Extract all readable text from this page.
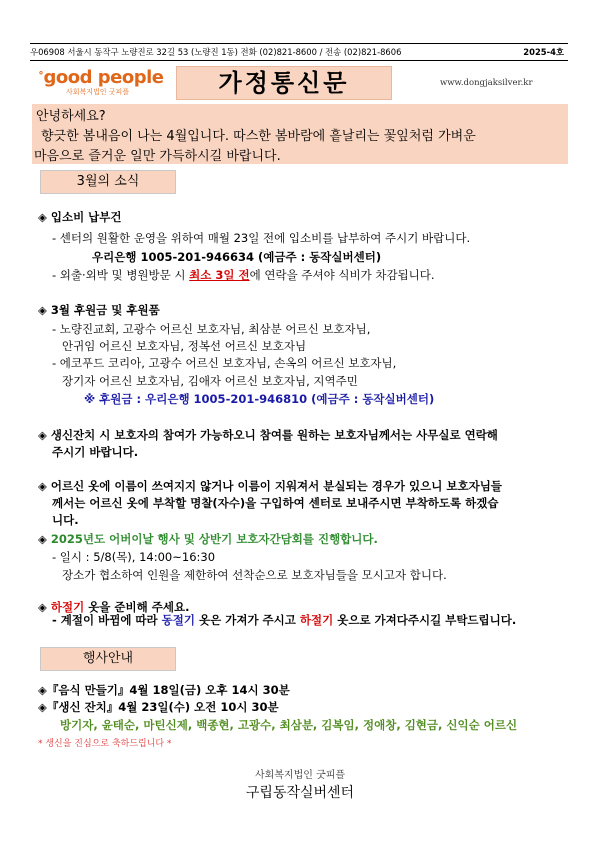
우06908 서울시 동작구 노량진로 32길 53 (노량진 1동) 전화 (02)821-8600 / 전송 (02)821-8606	2025-4호
˚good people
사회복지법인 굿피플	가정통신문	www.dongjaksilver.kr
안녕하세요?
향긋한 봄내음이 나는 4월입니다. 따스한 봄바람에 흩날리는 꽃잎처럼 가벼운
마음으로 즐거운 일만 가득하시길 바랍니다.
3월의 소식
◈ 입소비 납부건
- 센터의 원활한 운영을 위하여 매월 23일 전에 입소비를 납부하여 주시기 바랍니다.
우리은행 1005-201-946634 (예금주 : 동작실버센터)
- 외출·외박 및 병원방문 시 최소 3일 전에 연락을 주셔야 식비가 차감됩니다.
◈ 3월 후원금 및 후원품
- 노량진교회, 고광수 어르신 보호자님, 최삼분 어르신 보호자님,
안귀임 어르신 보호자님, 정복선 어르신 보호자님
- 에코푸드 코리아, 고광수 어르신 보호자님, 손옥의 어르신 보호자님,
장기자 어르신 보호자님, 김애자 어르신 보호자님, 지역주민
※ 후원금 : 우리은행 1005-201-946810 (예금주 : 동작실버센터)
◈ 생신잔치 시 보호자의 참여가 가능하오니 참여를 원하는 보호자님께서는 사무실로 연락해
주시기 바랍니다.
◈ 어르신 옷에 이름이 쓰여지지 않거나 이름이 지워져서 분실되는 경우가 있으니 보호자님들
께서는 어르신 옷에 부착할 명찰(자수)을 구입하여 센터로 보내주시면 부착하도록 하겠습
니다.
◈ 2025년도 어버이날 행사 및 상반기 보호자간담회를 진행합니다.
- 일시 : 5/8(목), 14:00~16:30
장소가 협소하여 인원을 제한하여 선착순으로 보호자님들을 모시고자 합니다.
◈ 하절기 옷을 준비해 주세요.
- 계절이 바뀜에 따라 동절기 옷은 가져가 주시고 하절기 옷으로 가져다주시길 부탁드립니다.
행사안내
◈『음식 만들기』4월 18일(금) 오후 14시 30분
◈『생신 잔치』4월 23일(수) 오전 10시 30분
방기자, 윤태순, 마틴신제, 백종현, 고광수, 최삼분, 김복임, 정애창, 김현금, 신익순 어르신
* 생신을 진심으로 축하드립니다 *
사회복지법인 굿피플
구립동작실버센터
